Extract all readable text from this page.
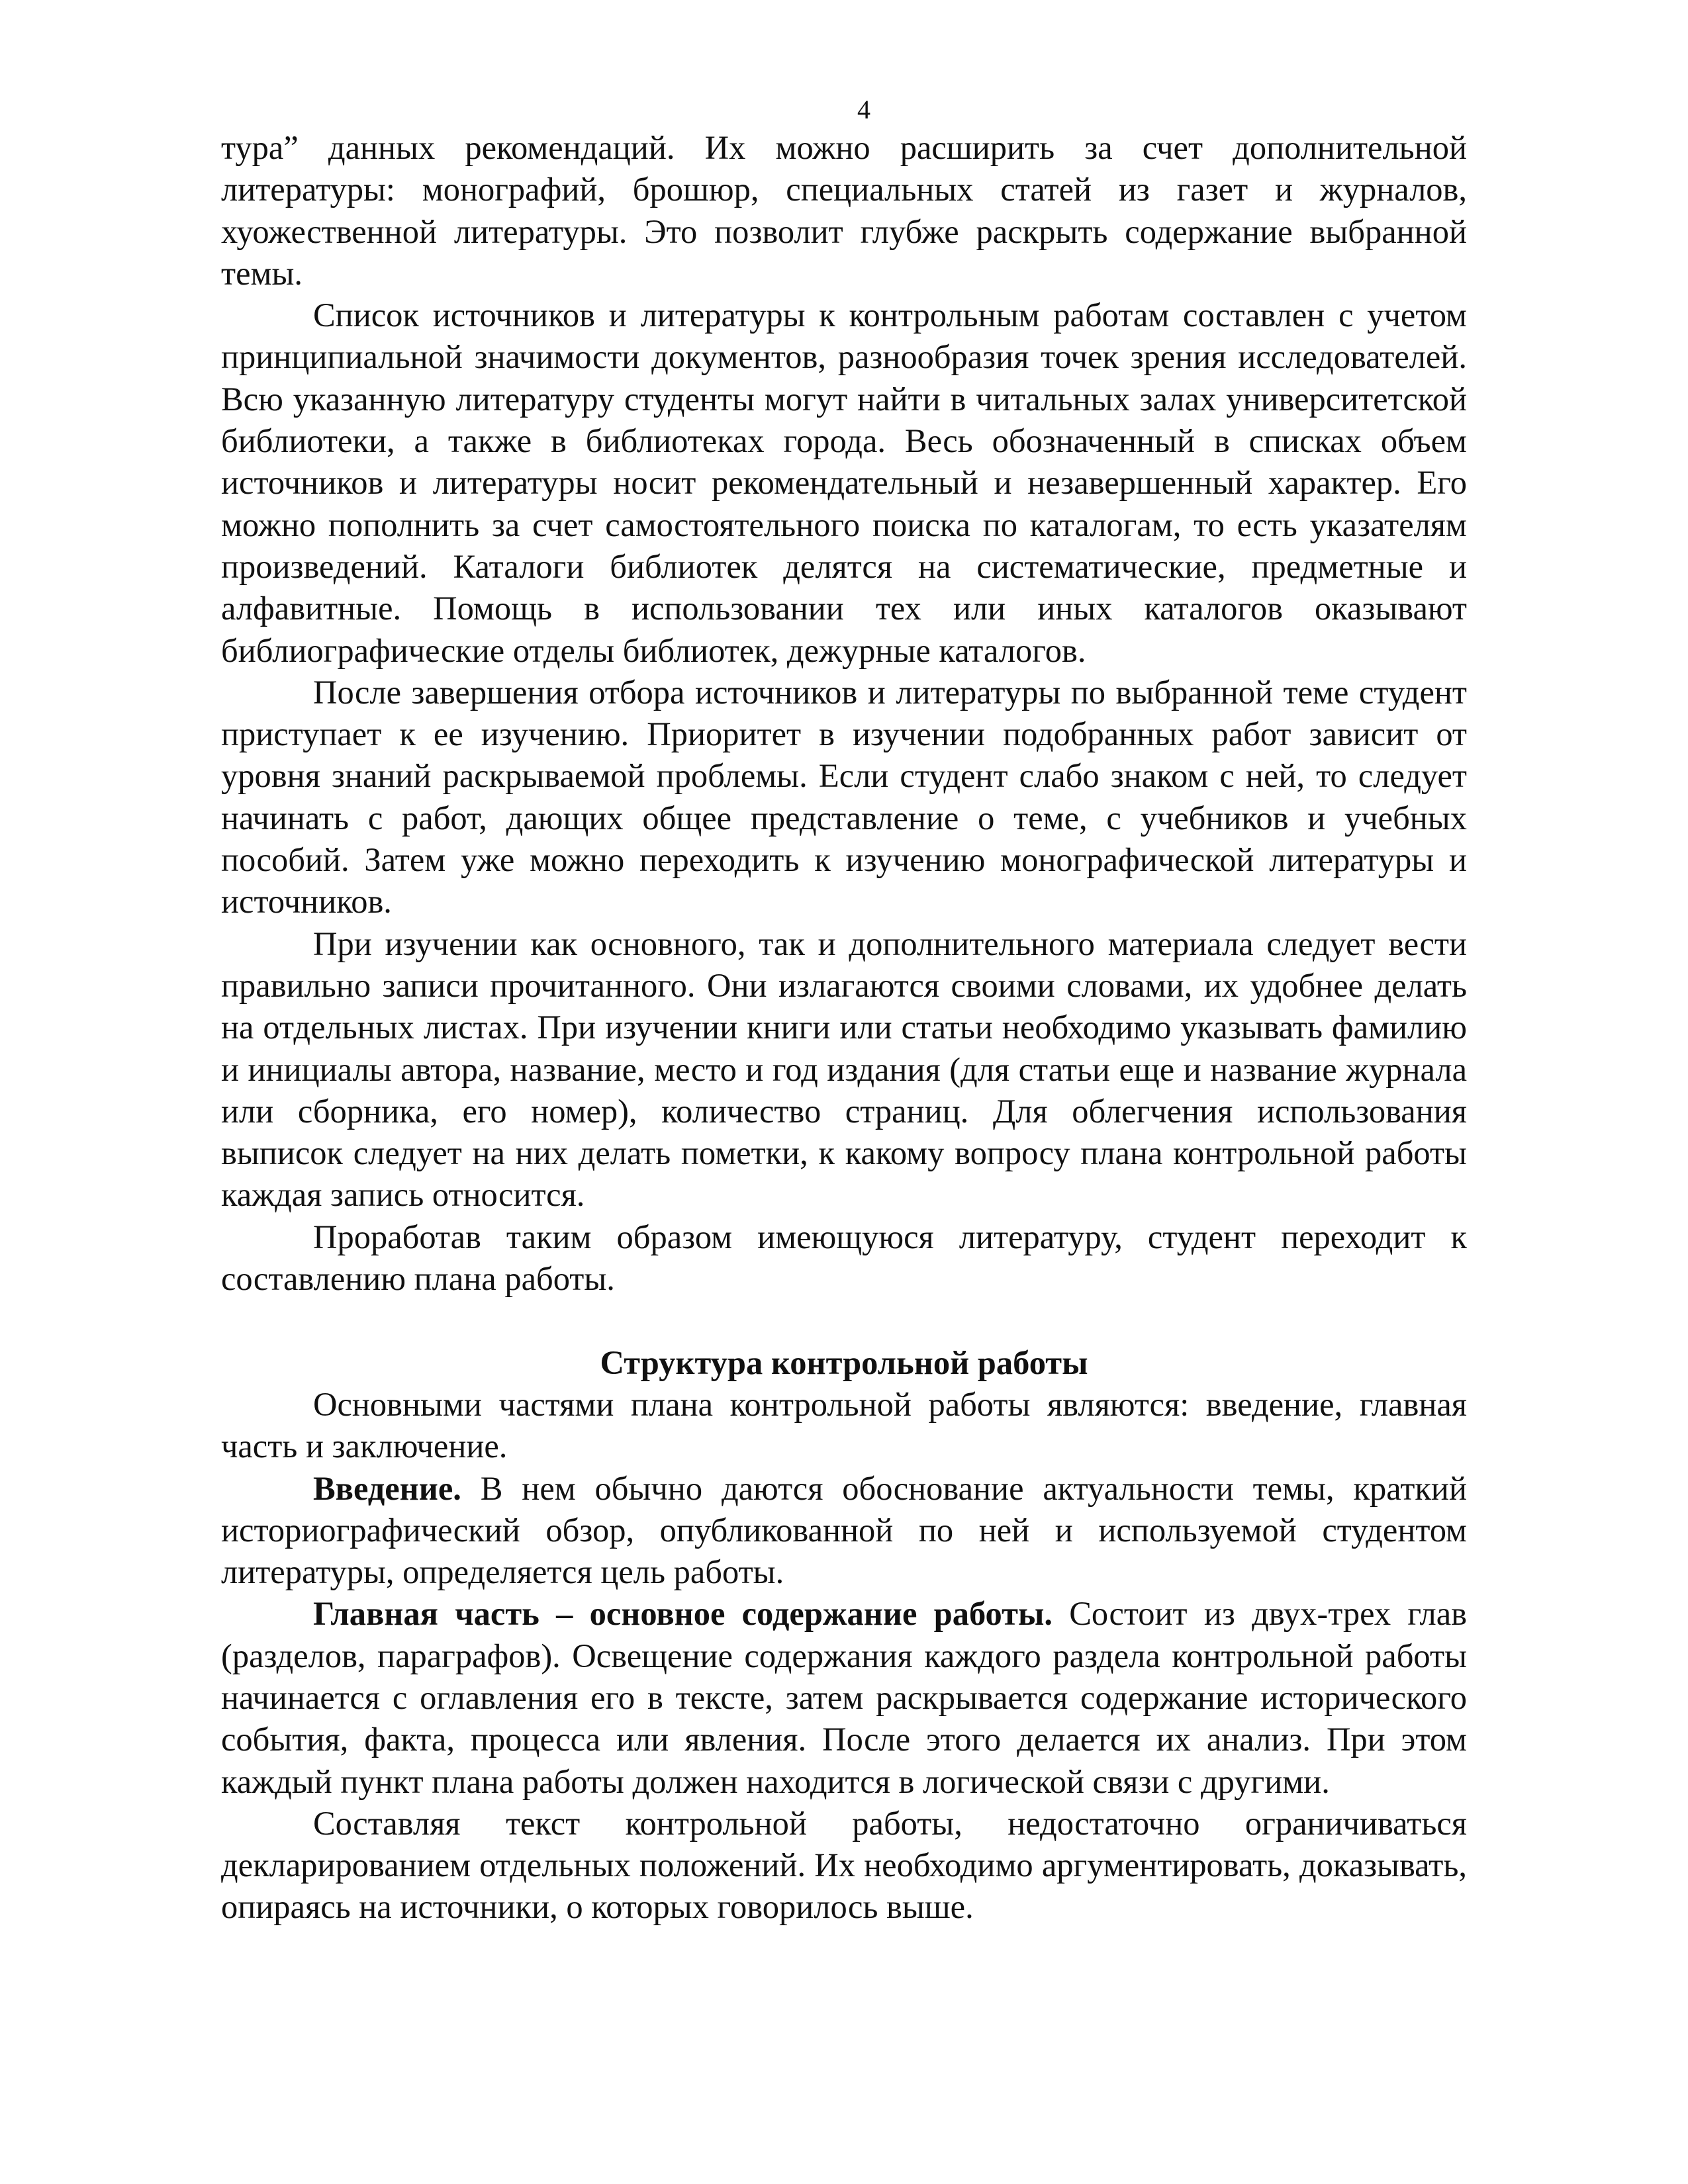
4

тура” данных рекомендаций. Их можно расширить за счет дополнительной литературы: монографий, брошюр, специальных статей из газет и журналов, хуожественной литературы. Это позволит глубже раскрыть содержание выбранной темы.

Список источников и литературы к контрольным работам составлен с учетом принципиальной значимости документов, разнообразия точек зрения исследователей. Всю указанную литературу студенты могут найти в читальных залах университетской библиотеки, а также в библиотеках города. Весь обозначенный в списках объем источников и литературы носит рекомендательный и незавершенный характер. Его можно пополнить за счет самостоятельного поиска по каталогам, то есть указателям произведений. Каталоги библиотек делятся на систематические, предметные и алфавитные. Помощь в использовании тех или иных каталогов оказывают библиографические отделы библиотек, дежурные каталогов.

После завершения отбора источников и литературы по выбранной теме студент приступает к ее изучению. Приоритет в изучении подобранных работ зависит от уровня знаний раскрываемой проблемы. Если студент слабо знаком с ней, то следует начинать с работ, дающих общее представление о теме, с учебников и учебных пособий. Затем уже можно переходить к изучению монографической литературы и источников.

При изучении как основного, так и дополнительного материала следует вести правильно записи прочитанного. Они излагаются своими словами, их удобнее делать на отдельных листах. При изучении книги или статьи необходимо указывать фамилию и инициалы автора, название, место и год издания (для статьи еще и название журнала или сборника, его номер), количество страниц. Для облегчения использования выписок следует на них делать пометки, к какому вопросу плана контрольной работы каждая запись относится.

Проработав таким образом имеющуюся литературу, студент переходит к составлению плана работы.

Структура контрольной работы

Основными частями плана контрольной работы являются: введение, главная часть и заключение.

Введение. В нем обычно даются обоснование актуальности темы, краткий историографический обзор, опубликованной по ней и используемой студентом литературы, определяется цель работы.

Главная часть – основное содержание работы. Состоит из двух-трех глав (разделов, параграфов). Освещение содержания каждого раздела контрольной работы начинается с оглавления его в тексте, затем раскрывается содержание исторического события, факта, процесса или явления. После этого делается их анализ. При этом каждый пункт плана работы должен находится в логической связи с другими.

Составляя текст контрольной работы, недостаточно ограничиваться декларированием отдельных положений. Их необходимо аргументировать, доказывать, опираясь на источники, о которых говорилось выше.
